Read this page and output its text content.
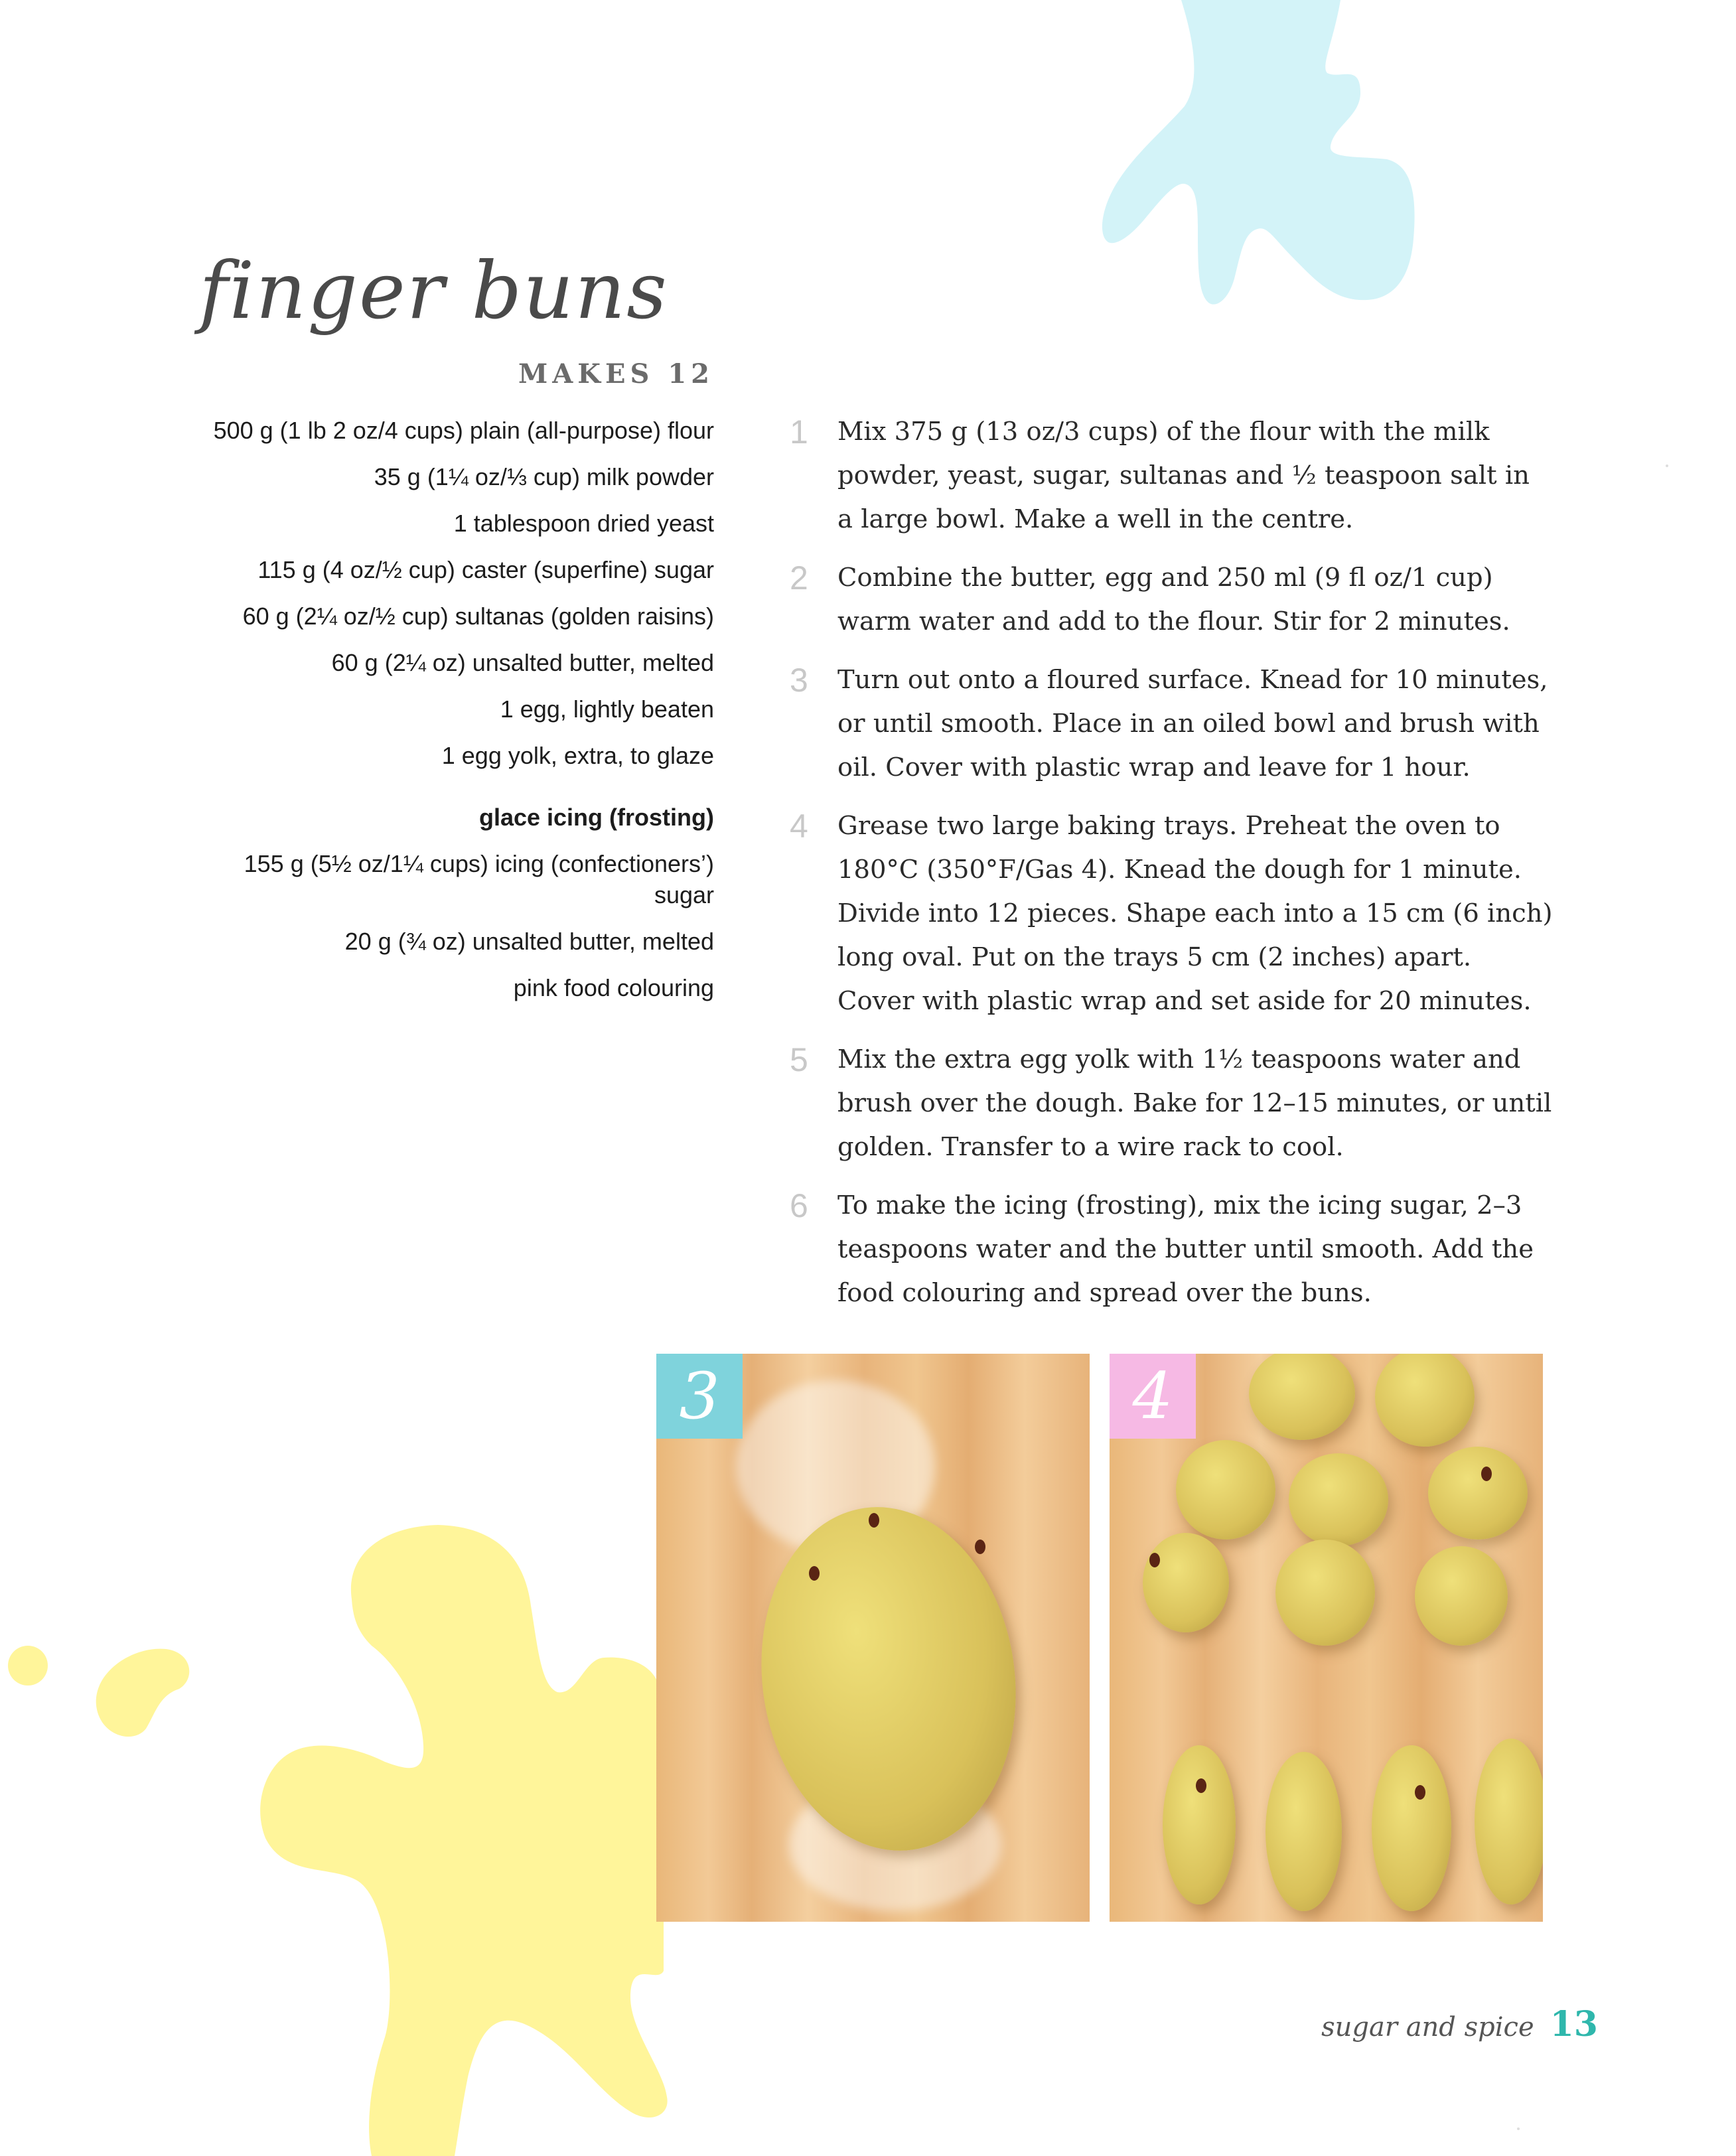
finger buns
MAKES 12

500 g (1 lb 2 oz/4 cups) plain (all-purpose) flour

35 g (1¼ oz/⅓ cup) milk powder

1 tablespoon dried yeast

115 g (4 oz/½ cup) caster (superfine) sugar

60 g (2¼ oz/½ cup) sultanas (golden raisins)

60 g (2¼ oz) unsalted butter, melted

1 egg, lightly beaten

1 egg yolk, extra, to glaze

glace icing (frosting)

155 g (5½ oz/1¼ cups) icing (confectioners’) sugar

20 g (¾ oz) unsalted butter, melted

pink food colouring

1 Mix 375 g (13 oz/3 cups) of the flour with the milk powder, yeast, sugar, sultanas and ½ teaspoon salt in a large bowl. Make a well in the centre.
2 Combine the butter, egg and 250 ml (9 fl oz/1 cup) warm water and add to the flour. Stir for 2 minutes.
3 Turn out onto a floured surface. Knead for 10 minutes, or until smooth. Place in an oiled bowl and brush with oil. Cover with plastic wrap and leave for 1 hour.
4 Grease two large baking trays. Preheat the oven to 180°C (350°F/Gas 4). Knead the dough for 1 minute. Divide into 12 pieces. Shape each into a 15 cm (6 inch) long oval. Put on the trays 5 cm (2 inches) apart. Cover with plastic wrap and set aside for 20 minutes.
5 Mix the extra egg yolk with 1½ teaspoons water and brush over the dough. Bake for 12–15 minutes, or until golden. Transfer to a wire rack to cool.
6 To make the icing (frosting), mix the icing sugar, 2–3 teaspoons water and the butter until smooth. Add the food colouring and spread over the buns.
3	4
sugar and spice 13
